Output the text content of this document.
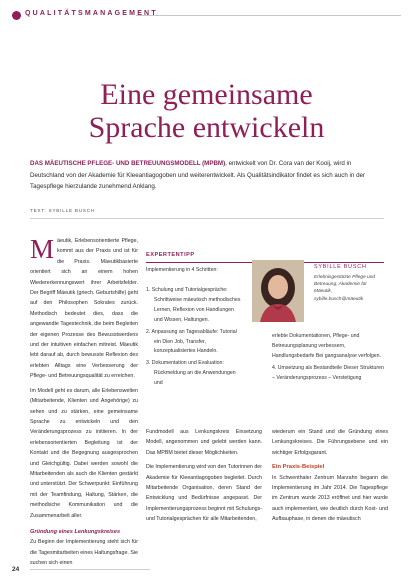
QUALITÄTSMANAGEMENT
Eine gemeinsame
Sprache entwickeln

DAS MÄEUTISCHE PFLEGE- UND BETREUUNGSMODELL (MPBM), entwickelt von Dr. Cora van der Kooij, wird in Deutschland von der Akademie für Kleeantiagogoben und weiterentwickelt. Als Qualitätsindikator findet es sich auch in der Tagespflege hierzulande zunehmend Anklang.

TEXT: SYBILLE BUSCH
M äeutik, Erlebensorientierte Pflege, kommt aus der Praxis und ist für die Praxis. Mäeutikbasierte orientiert sich an einem hohen Wiedererkennungswert ihrer Arbeitsfelder. Der Begriff Mäeutik (griech. Geburtshilfe) geht auf den Philosophen Sokrates zurück. Methodisch bedeutet dies, dass die angewandte Tagestechnik, die beim Begleiten der eigenen Prozesse des Bewusstwerdens und der intuitiven einfachen mitreist. Mäeutik lebt darauf ab, durch bewusste Reflexion des erlebten Alltags eine Verbesserung der Pflege- und Betreuungsqualität zu erreichen.
Im Modell geht es darum, alle Erlebenswelten (Mitarbeitende, Klienten und Angehörige) zu sehen und zu stärken, eine gemeinsame Sprache zu entwickeln und den Veränderungsprozess zu initiieren. In der erlebensorientierten Begleitung ist der Kontakt und die Begegnung ausgesprochen und Gleichgültig. Dabei werden sowohl die Mitarbeitenden als auch die Klienten gestärkt und unterstützt. Der Schwerpunkt: Einführung mit der Teamfindung, Haltung, Stärken, die methodische Kommunikation und die Zusammenarbeit aller.
Gründung eines Lenkungskreises
Zu Beginn der Implementierung steht sich für die Tagesmitarbeiten eines Haltungsfrage. Sie suchen sich einen
EXPERTENTIPP
Implementierung in 4 Schritten:
1. Schulung und Tutorialgespräche: Schrittweise mäeutisch methodisches Lernen, Reflexion von Handlungen und Wissen, Haltungen.
2. Anpassung an Tagesabläufe: Tutorial ein Dien Job, Transfer, konzeptualisiertes Handeln.
3. Dokumentation und Evaluation: Rückmeldung an die Anwendungen und
SYBILLE BUSCH
Erlebnisgestützte Pflege und Betreuung, Akademie für Mäeutik, sybille.busch@mäeutik
erlebte Dokumentationen, Pflege- und Betreuungsplanung verbessern, Handlungsbedarfe Bei gangsanalyse verfolgen.
4. Umsetzung als Bestandteile Dieser Strukturen – Veränderungsprozess – Verstetigung
Fundmodell aus Lenkungskreis Einsetzung Modell, angenommen und gelebt werden kann. Das MPBM bietet dieser Möglichkeiten.
Die Implementierung wird von den Tutorinnen der Akademie für Kleeantiagogoben begleitet. Durch Mitarbeitende Organisation, deren Stand der Entwicklung und Bedürfnisse angepasst. Der Implementierungsprozess beginnt mit Schulungs- und Tutorialgesprächen für alle Mitarbeitenden,
wiederum ein Stand und die Gründung eines Lenkungskreises. Die Führungsebene und ein wichtiger Erfolgsgarant.
Ein Praxis-Beispiel
In Schwenthaler Zentrum Marzahn begann die Implementierung im Jahr 2014. Die Tagespflege im Zentrum wurde 2013 eröffnet und hier wurde auch implementiert, wie deutlich durch Kost- und Aufbauphase, in denen die mäeutisch
24
